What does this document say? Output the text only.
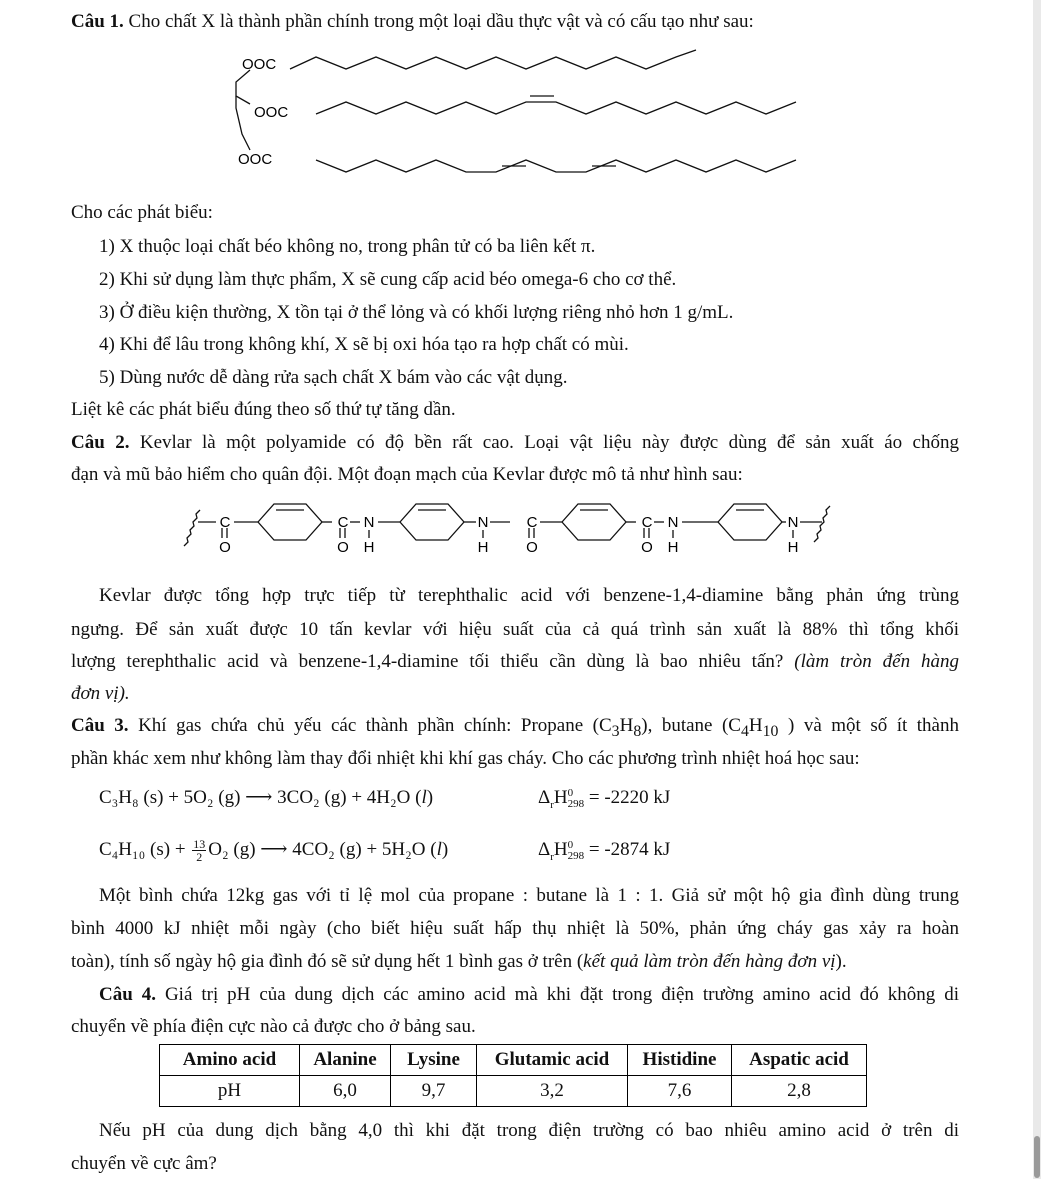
Câu 1. Cho chất X là thành phần chính trong một loại dầu thực vật và có cấu tạo như sau:
OOC
OOC
OOC
Cho các phát biểu:
1) X thuộc loại chất béo không no, trong phân tử có ba liên kết π.
2) Khi sử dụng làm thực phẩm, X sẽ cung cấp acid béo omega-6 cho cơ thể.
3) Ở điều kiện thường, X tồn tại ở thể lỏng và có khối lượng riêng nhỏ hơn 1 g/mL.
4) Khi để lâu trong không khí, X sẽ bị oxi hóa tạo ra hợp chất có mùi.
5) Dùng nước dễ dàng rửa sạch chất X bám vào các vật dụng.
Liệt kê các phát biểu đúng theo số thứ tự tăng dần.
Câu 2. Kevlar là một polyamide có độ bền rất cao. Loại vật liệu này được dùng để sản xuất áo chống
đạn và mũ bảo hiểm cho quân đội. Một đoạn mạch của Kevlar được mô tả như hình sau:
C
O
C
O
N
H
N
H
C
O
C
O
N
H
N
H
Kevlar được tổng hợp trực tiếp từ terephthalic acid với benzene-1,4-diamine bằng phản ứng trùng
ngưng. Để sản xuất được 10 tấn kevlar với hiệu suất của cả quá trình sản xuất là 88% thì tổng khối
lượng terephthalic acid và benzene-1,4-diamine tối thiểu cần dùng là bao nhiêu tấn? (làm tròn đến hàng
đơn vị).
Câu 3. Khí gas chứa chủ yếu các thành phần chính: Propane $(C_3H_8)$, butane ($C_4H_{10}$ ) và một số ít thành
phần khác xem như không làm thay đổi nhiệt khi khí gas cháy. Cho các phương trình nhiệt hoá học sau:
C₃H₈ (s) + 5O₂ (g) ⟶ 3CO₂ (g) + 4H₂O (l)	$\Delta_rH$ 0
298 = -2220 kJ
C₄H₁₀ $(s) + \frac{13}{2} O_2$ (g) ⟶ 4CO₂ (g) + 5H₂O (l)	$\Delta_rH$ 0
298 = -2874 kJ
Một bình chứa 12kg gas với tỉ lệ mol của propane : butane là 1 : 1. Giả sử một hộ gia đình dùng trung
bình 4000 kJ nhiệt mỗi ngày (cho biết hiệu suất hấp thụ nhiệt là 50%, phản ứng cháy gas xảy ra hoàn
toàn), tính số ngày hộ gia đình đó sẽ sử dụng hết 1 bình gas ở trên (kết quả làm tròn đến hàng đơn vị).
Câu 4. Giá trị pH của dung dịch các amino acid mà khi đặt trong điện trường amino acid đó không di
chuyển về phía điện cực nào cả được cho ở bảng sau.
Amino acid	Alanine	Lysine	Glutamic acid	Histidine	Aspatic acid
pH	6,0	9,7	3,2	7,6	2,8
Nếu pH của dung dịch bằng 4,0 thì khi đặt trong điện trường có bao nhiêu amino acid ở trên di
chuyển về cực âm?
